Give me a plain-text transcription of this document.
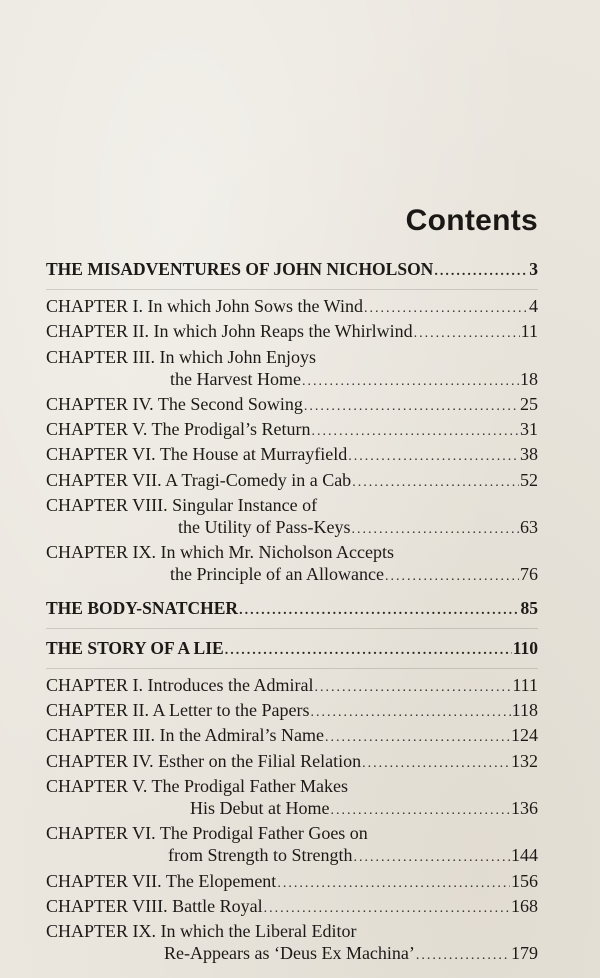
Contents
THE MISADVENTURES OF JOHN NICHOLSON .....	3
CHAPTER I. In which John Sows the Wind .....	4
CHAPTER II. In which John Reaps the Whirlwind .....	11
CHAPTER III. In which John Enjoys
the Harvest Home .....	18
CHAPTER IV. The Second Sowing .....	25
CHAPTER V. The Prodigal’s Return .....	31
CHAPTER VI. The House at Murrayfield .....	38
CHAPTER VII. A Tragi-Comedy in a Cab .....	52
CHAPTER VIII. Singular Instance of
the Utility of Pass-Keys .....	63
CHAPTER IX. In which Mr. Nicholson Accepts
the Principle of an Allowance .....	76
THE BODY-SNATCHER .....	85
THE STORY OF A LIE .....	110
CHAPTER I. Introduces the Admiral .....	111
CHAPTER II. A Letter to the Papers .....	118
CHAPTER III. In the Admiral’s Name .....	124
CHAPTER IV. Esther on the Filial Relation .....	132
CHAPTER V. The Prodigal Father Makes
His Debut at Home .....	136
CHAPTER VI. The Prodigal Father Goes on
from Strength to Strength .....	144
CHAPTER VII. The Elopement .....	156
CHAPTER VIII. Battle Royal .....	168
CHAPTER IX. In which the Liberal Editor
Re-Appears as ‘Deus Ex Machina’ .....	179
